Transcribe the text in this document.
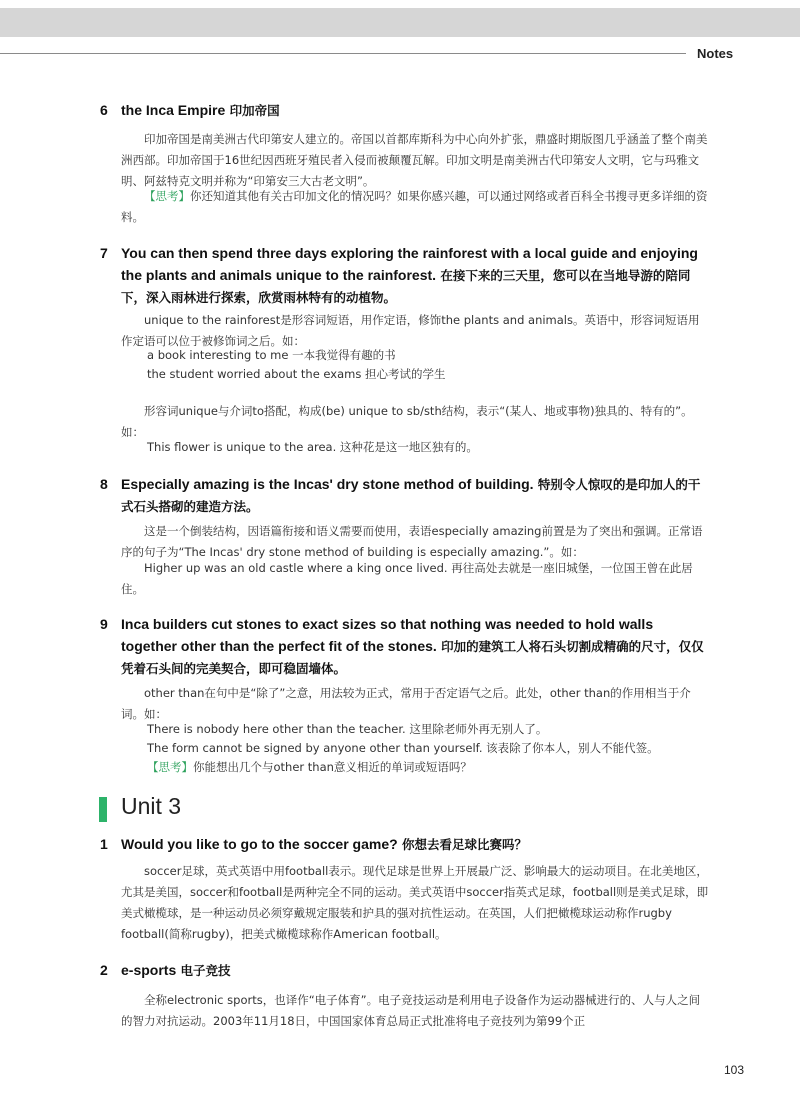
Notes
6 the Inca Empire 印加帝国
印加帝国是南美洲古代印第安人建立的。帝国以首都库斯科为中心向外扩张，鼎盛时期版图几乎涵盖了整个南美洲西部。印加帝国于16世纪因西班牙殖民者入侵而被颠覆瓦解。印加文明是南美洲古代印第安人文明，它与玛雅文明、阿兹特克文明并称为“印第安三大古老文明”。
【思考】你还知道其他有关古印加文化的情况吗？如果你感兴趣，可以通过网络或者百科全书搜寻更多详细的资料。
7 You can then spend three days exploring the rainforest with a local guide and enjoying the plants and animals unique to the rainforest. 在接下来的三天里，您可以在当地导游的陪同下，深入雨林进行探索，欣赏雨林特有的动植物。
unique to the rainforest是形容词短语，用作定语，修饰the plants and animals。英语中，形容词短语用作定语可以位于被修饰词之后。如：
a book interesting to me 一本我觉得有趣的书
the student worried about the exams 担心考试的学生
形容词unique与介词to搭配，构成(be) unique to sb/sth结构，表示“(某人、地或事物)独具的、特有的”。如：
This flower is unique to the area. 这种花是这一地区独有的。
8 Especially amazing is the Incas' dry stone method of building. 特别令人惊叹的是印加人的干式石头搭砌的建造方法。
这是一个倒装结构，因语篇衔接和语义需要而使用，表语especially amazing前置是为了突出和强调。正常语序的句子为“The Incas' dry stone method of building is especially amazing.”。如：
Higher up was an old castle where a king once lived. 再往高处去就是一座旧城堡，一位国王曾在此居住。
9 Inca builders cut stones to exact sizes so that nothing was needed to hold walls together other than the perfect fit of the stones. 印加的建筑工人将石头切割成精确的尺寸，仅仅凭着石头间的完美契合，即可稳固墙体。
other than在句中是“除了”之意，用法较为正式，常用于否定语气之后。此处，other than的作用相当于介词。如：
There is nobody here other than the teacher. 这里除老师外再无别人了。
The form cannot be signed by anyone other than yourself. 该表除了你本人，别人不能代签。
【思考】你能想出几个与other than意义相近的单词或短语吗？
Unit 3
1 Would you like to go to the soccer game? 你想去看足球比赛吗？
soccer足球，英式英语中用football表示。现代足球是世界上开展最广泛、影响最大的运动项目。在北美地区，尤其是美国，soccer和football是两种完全不同的运动。美式英语中soccer指英式足球，football则是美式足球，即美式橄榄球，是一种运动员必须穿戴规定服装和护具的强对抗性运动。在英国，人们把橄榄球运动称作rugby football(简称rugby)，把美式橄榄球称作American football。
2 e-sports 电子竞技
全称electronic sports，也译作“电子体育”。电子竞技运动是利用电子设备作为运动器械进行的、人与人之间的智力对抗运动。2003年11月18日，中国国家体育总局正式批准将电子竞技列为第99个正
103
